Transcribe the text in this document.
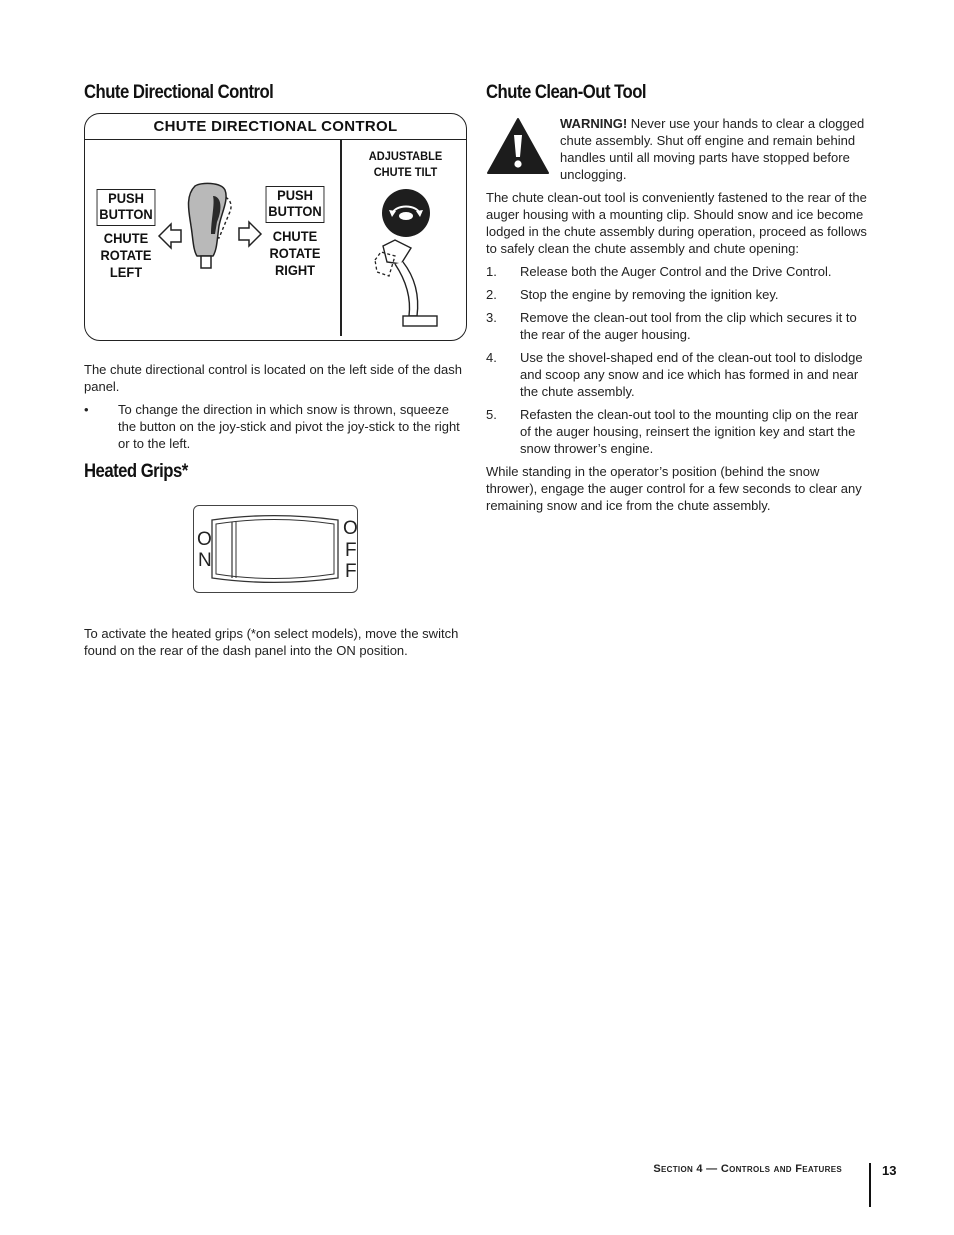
Chute Directional Control
CHUTE DIRECTIONAL CONTROL
PUSH
BUTTON
CHUTE
ROTATE
LEFT
PUSH
BUTTON
CHUTE
ROTATE
RIGHT
ADJUSTABLE
CHUTE TILT

The chute directional control is located on the left side of the dash panel.

• To change the direction in which snow is thrown, squeeze the button on the joy-stick and pivot the joy-stick to the right or to the left.

Heated Grips*
O
N
O
F
F

To activate the heated grips (*on select models), move the switch found on the rear of the dash panel into the ON position.

Chute Clean-Out Tool

WARNING! Never use your hands to clear a clogged chute assembly. Shut off engine and remain behind handles until all moving parts have stopped before unclogging.

The chute clean-out tool is conveniently fastened to the rear of the auger housing with a mounting clip. Should snow and ice become lodged in the chute assembly during operation, proceed as follows to safely clean the chute assembly and chute opening:

1. Release both the Auger Control and the Drive Control.
2. Stop the engine by removing the ignition key.
3. Remove the clean-out tool from the clip which secures it to the rear of the auger housing.
4. Use the shovel-shaped end of the clean-out tool to dislodge and scoop any snow and ice which has formed in and near the chute assembly.
5. Refasten the clean-out tool to the mounting clip on the rear of the auger housing, reinsert the ignition key and start the snow thrower’s engine.

While standing in the operator’s position (behind the snow thrower), engage the auger control for a few seconds to clear any remaining snow and ice from the chute assembly.

Section 4 — Controls and Features	13
